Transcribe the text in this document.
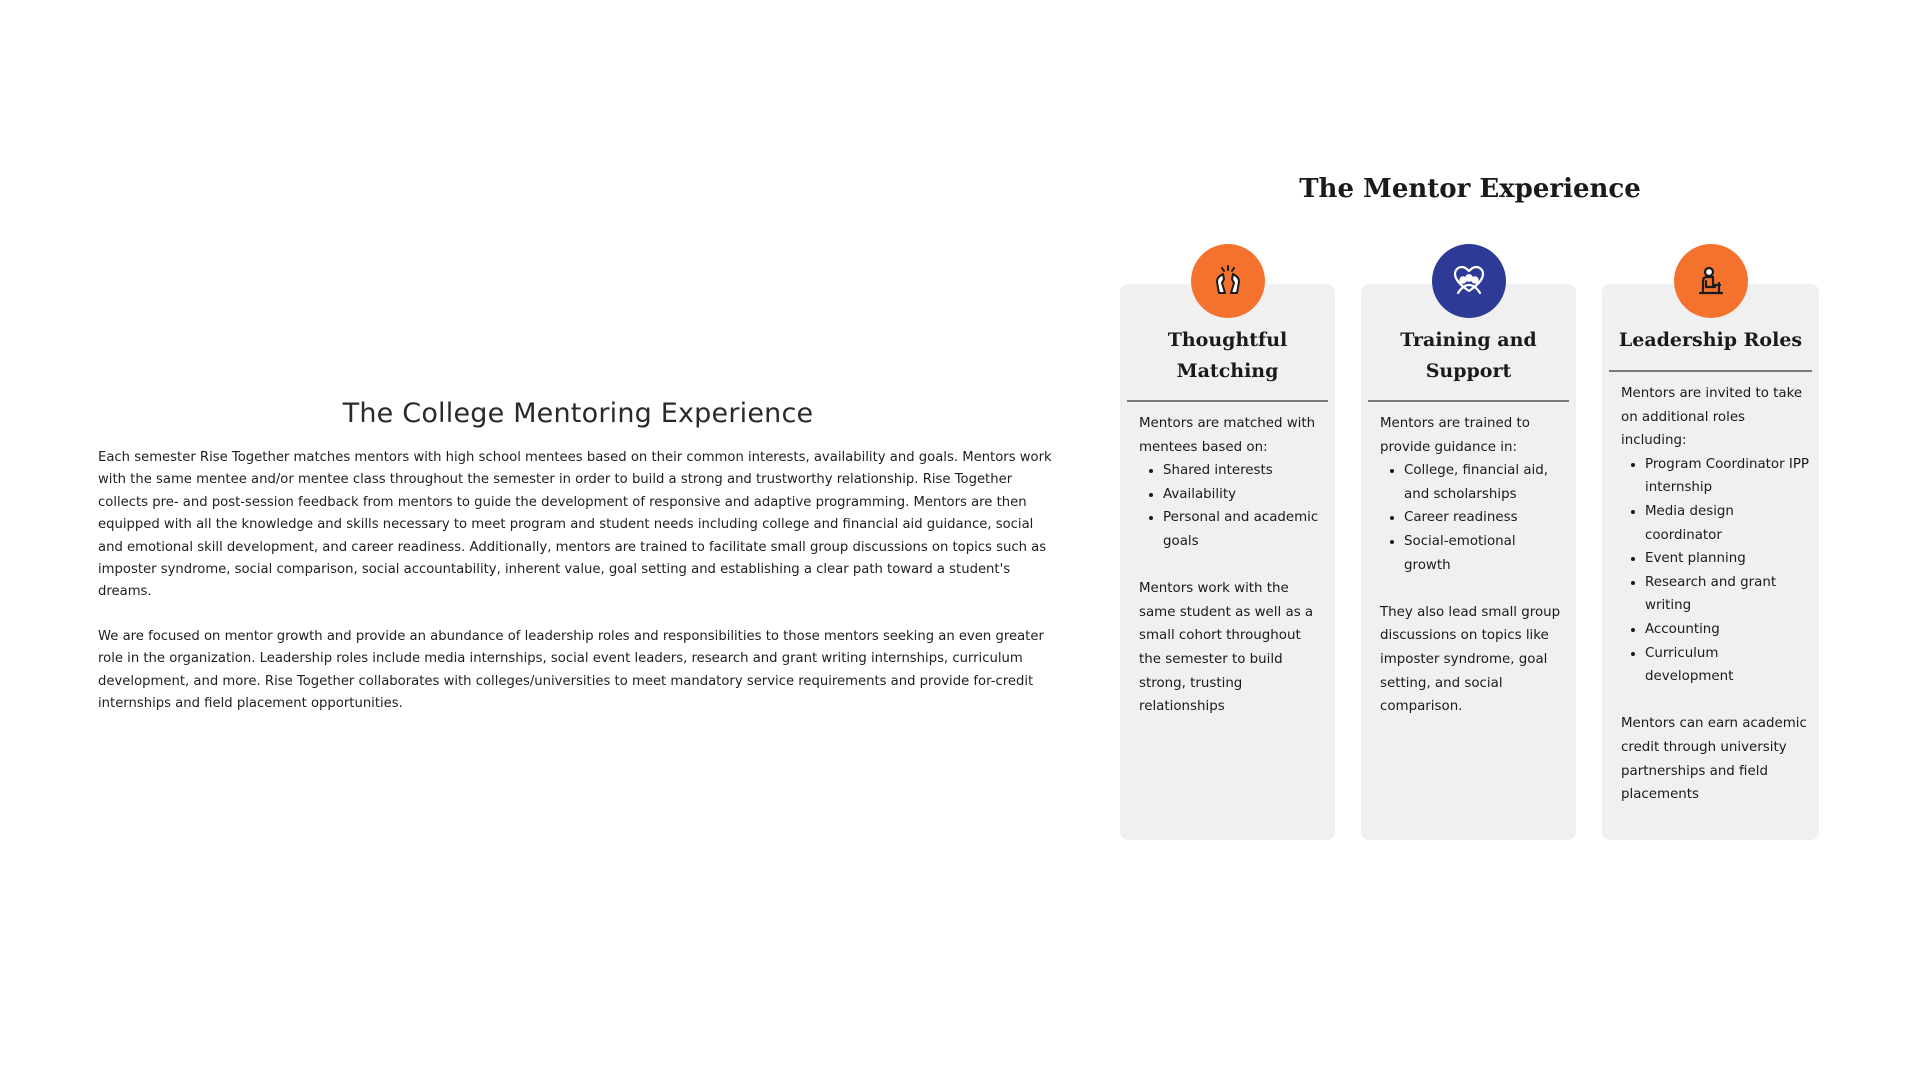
The College Mentoring Experience

Each semester Rise Together matches mentors with high school mentees based on their common interests, availability and goals. Mentors work with the same mentee and/or mentee class throughout the semester in order to build a strong and trustworthy relationship. Rise Together collects pre- and post-session feedback from mentors to guide the development of responsive and adaptive programming. Mentors are then equipped with all the knowledge and skills necessary to meet program and student needs including college and financial aid guidance, social and emotional skill development, and career readiness. Additionally, mentors are trained to facilitate small group discussions on topics such as imposter syndrome, social comparison, social accountability, inherent value, goal setting and establishing a clear path toward a student's dreams.

We are focused on mentor growth and provide an abundance of leadership roles and responsibilities to those mentors seeking an even greater role in the organization. Leadership roles include media internships, social event leaders, research and grant writing internships, curriculum development, and more. Rise Together collaborates with colleges/universities to meet mandatory service requirements and provide for-credit internships and field placement opportunities.

The Mentor Experience
Thoughtful Matching

Mentors are matched with mentees based on:

• Shared interests
• Availability
• Personal and academic goals

Mentors work with the same student as well as a small cohort throughout the semester to build strong, trusting relationships

Training and Support

Mentors are trained to provide guidance in:

• College, financial aid, and scholarships
• Career readiness
• Social-emotional growth

They also lead small group discussions on topics like imposter syndrome, goal setting, and social comparison.

Leadership Roles

Mentors are invited to take on additional roles including:

• Program Coordinator IPP internship
• Media design coordinator
• Event planning
• Research and grant writing
• Accounting
• Curriculum development

Mentors can earn academic credit through university partnerships and field placements
